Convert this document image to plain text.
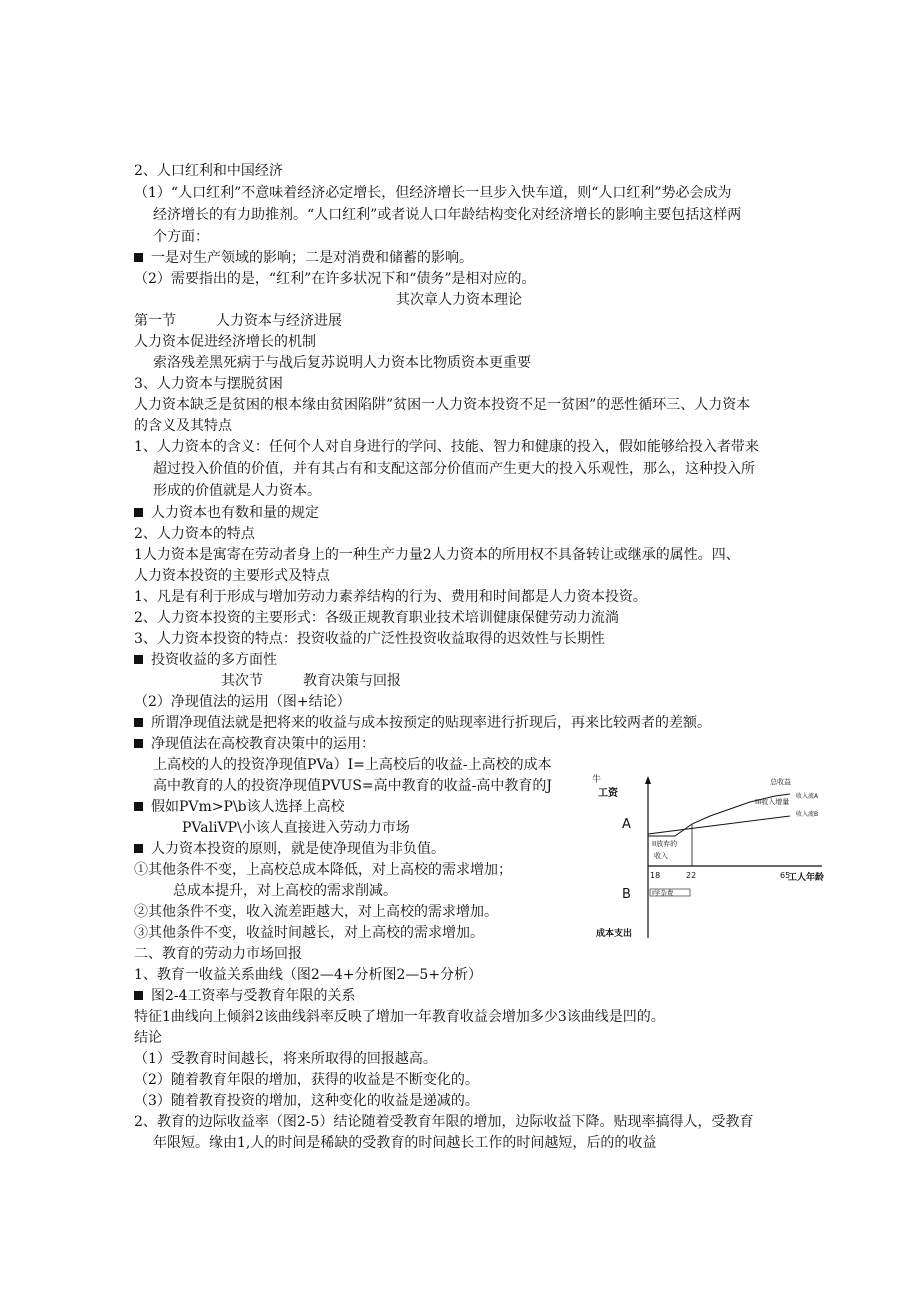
2、人口红利和中国经济
（1）“人口红利”不意味着经济必定增长，但经济增长一旦步入快车道，则“人口红利”势必会成为
经济增长的有力助推剂。“人口红利”或者说人口年龄结构变化对经济增长的影响主要包括这样两
个方面：
一是对生产领域的影响；二是对消费和储蓄的影响。
（2）需要指出的是，“红利”在许多状况下和“债务”是相对应的。
其次章人力资本理论
第一节	人力资本与经济进展
人力资本促进经济增长的机制
索洛残差黑死病于与战后复苏说明人力资本比物质资本更重要
3、人力资本与摆脱贫困
人力资本缺乏是贫困的根本缘由贫困陷阱”贫困一人力资本投资不足一贫困”的恶性循环三、人力资本
的含义及其特点
1、人力资本的含义：任何个人对自身进行的学问、技能、智力和健康的投入，假如能够给投入者带来
超过投入价值的价值，并有其占有和支配这部分价值而产生更大的投入乐观性，那么，这种投入所
形成的价值就是人力资本。
人力资本也有数和量的规定
2、人力资本的特点
1人力资本是寓寄在劳动者身上的一种生产力量2人力资本的所用权不具备转让或继承的属性。四、
人力资本投资的主要形式及特点
1、凡是有利于形成与增加劳动力素养结构的行为、费用和时间都是人力资本投资。
2、人力资本投资的主要形式：各级正规教育职业技术培训健康保健劳动力流淌
3、人力资本投资的特点：投资收益的广泛性投资收益取得的迟效性与长期性
投资收益的多方面性
其次节	教育决策与回报
（2）净现值法的运用（图+结论）
所谓净现值法就是把将来的收益与成本按预定的贴现率进行折现后，再来比较两者的差额。
净现值法在高校教育决策中的运用：
上高校的人的投资净现值PVa）I=上高校后的收益-上高校的成本
高中教育的人的投资净现值PVUS=高中教育的收益-高中教育的J
假如PVm>P\b该人选择上高校
PValiVP\小该人直接进入劳动力市场
人力资本投资的原则，就是使净现值为非负值。
①其他条件不变，上高校总成本降低，对上高校的需求增加；
总成本提升，对上高校的需求削减。
②其他条件不变，收入流差距越大，对上高校的需求增加。
③其他条件不变，收益时间越长，对上高校的需求增加。
二、教育的劳动力市场回报
1、教育一收益关系曲线（图2—4+分析图2—5+分析）
图2-4工资率与受教育年限的关系
特征1曲线向上倾斜2该曲线斜率反映了增加一年教育收益会增加多少3该曲线是凹的。
结论
（1）受教育时间越长，将来所取得的回报越高。
（2）随着教育年限的增加，获得的收益是不断变化的。
（3）随着教育投资的增加，这种变化的收益是递减的。
2、教育的边际收益率（图2-5）结论随着受教育年限的增加，边际收益下降。贴现率搞得人，受教育
年限短。缘由1,人的时间是稀缺的受教育的时间越长工作的时间越短，后的的收益
牛
工资
A
B
总收益
收入流A
收入流B
III收入增量
II放弃的
收入
18	22	65
工人年龄
I学杂费
成本支出
